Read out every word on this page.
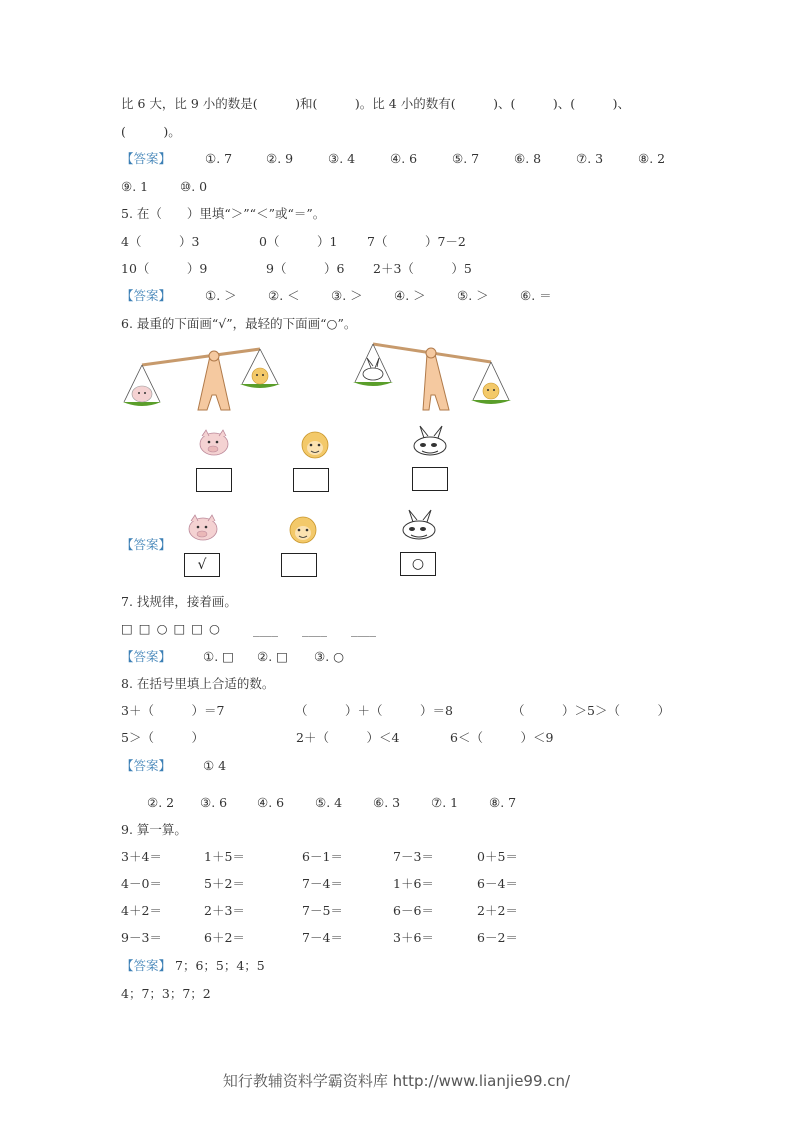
比 6 大，比 9 小的数是(　　　)和(　　　)。比 4 小的数有(　　　)、(　　　)、(　　　)、
(　　　)。
【答案】	①. 7	②. 9	③. 4	④. 6	⑤. 7	⑥. 8	⑦. 3	⑧. 2
⑨. 1	⑩. 0
5. 在（　　）里填“＞”“＜”或“＝”。
4（　　　）3	0（　　　）1 7（　　　）7－2
10（　　　）9	9（　　　）6 2＋3（　　　）5
【答案】	①. ＞	②. ＜	③. ＞	④. ＞	⑤. ＞	⑥. ＝
6. 最重的下面画“√”，最轻的下面画“○”。
【答案】
√	○
7. 找规律，接着画。
□ □ ○ □ □ ○	____ ____ ____
【答案】	①. □ ②. □ ③. ○
8. 在括号里填上合适的数。
3＋（　　　）＝7	（　　　）＋（　　　）＝8	（　　　）＞5＞（　　　）
5＞（　　　）	2＋（　　　）＜4	6＜（　　　）＜9
【答案】	① 4
②. 2 ③. 6 ④. 6 ⑤. 4 ⑥. 3 ⑦. 1 ⑧. 7
9. 算一算。
3＋4＝	1＋5＝	6－1＝	7－3＝	0＋5＝
4－0＝	5＋2＝	7－4＝	1＋6＝	6－4＝
4＋2＝	2＋3＝	7－5＝	6－6＝	2＋2＝
9－3＝	6＋2＝	7－4＝	3＋6＝	6－2＝
【答案】 7；6；5；4；5
4；7；3；7；2
知行教辅资料学霸资料库 http://www.lianjie99.cn/
